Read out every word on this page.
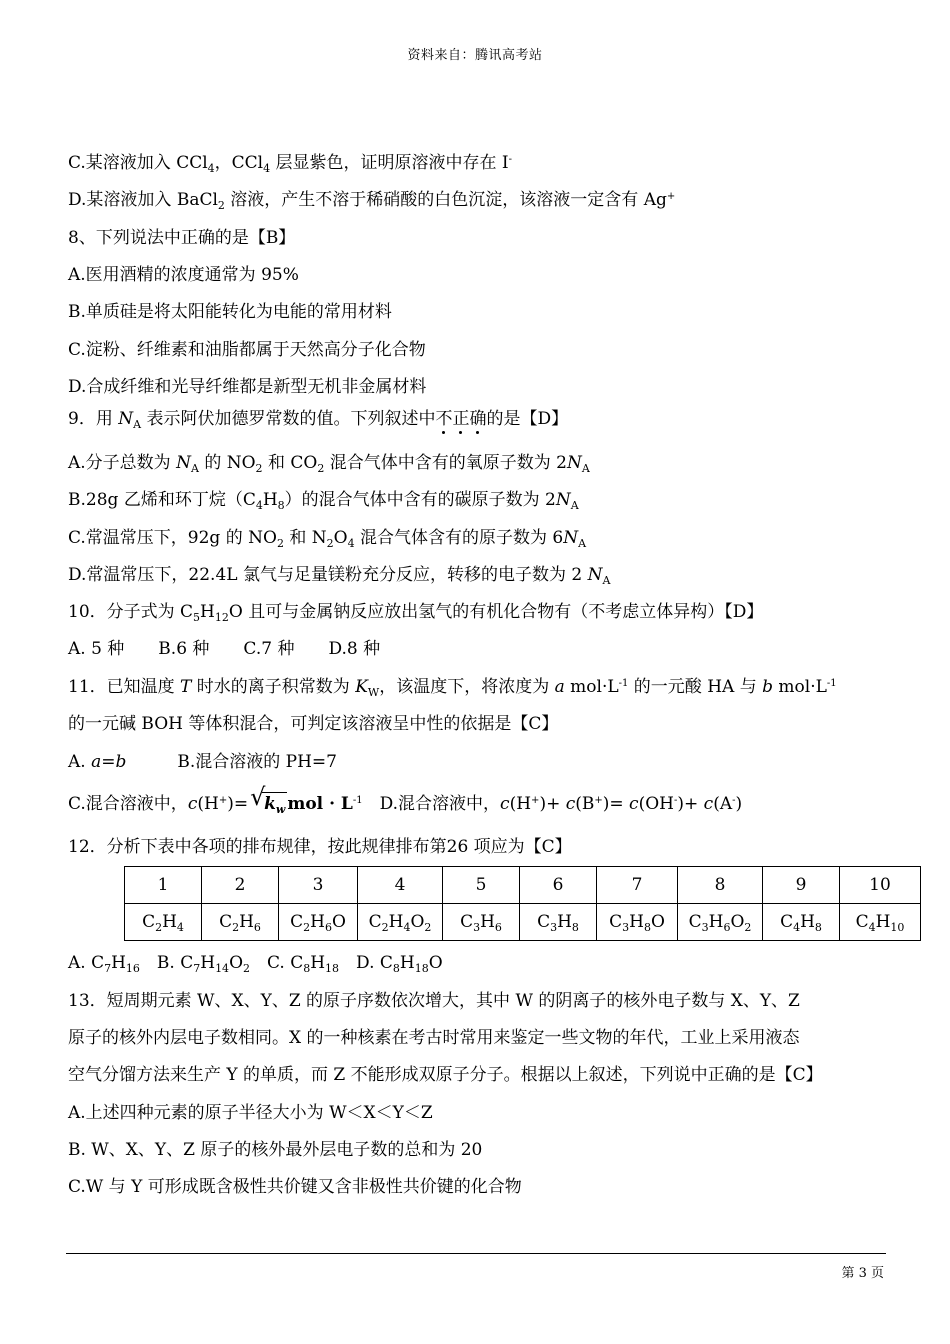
资料来自：腾讯高考站
C.某溶液加入 CCl$_4$，CCl$_4$ 层显紫色，证明原溶液中存在 I-
D.某溶液加入 BaCl$_2$ 溶液，产生不溶于稀硝酸的白色沉淀，该溶液一定含有 Ag+
8、下列说法中正确的是【B】
A.医用酒精的浓度通常为 95%
B.单质硅是将太阳能转化为电能的常用材料
C.淀粉、纤维素和油脂都属于天然高分子化合物
D.合成纤维和光导纤维都是新型无机非金属材料
9．用 $N_A$ 表示阿伏加德罗常数的值。下列叙述中不正确的是【D】
A.分子总数为 $N_A$ 的 $NO_2$ 和 $CO_2$ 混合气体中含有的氧原子数为 $2N_A$
B.28g 乙烯和环丁烷$(C_4H_8)$的混合气体中含有的碳原子数为 $2N_A$
C.常温常压下，92g 的 $NO_2$ 和 $N_2O_4$ 混合气体含有的原子数为 $6N_A$
D.常温常压下，22.4L 氯气与足量镁粉充分反应，转移的电子数为 2 $N_A$
10．分子式为 $C_5H_{12}O$ 且可与金属钠反应放出氢气的有机化合物有（不考虑立体异构）【D】
A. 5 种　　B.6 种　　C.7 种　　D.8 种
11．已知温度 T 时水的离子积常数为 $K_W$，该温度下，将浓度为 a $mol\cdot L^{-1}$ 的一元酸 HA 与 b $mol\cdot L^{-1}$
的一元碱 BOH 等体积混合，可判定该溶液呈中性的依据是【C】
A. a=b　　　B.混合溶液的 PH=7
C.混合溶液中，c(H+)= √
$k_w$ mol · $L^{-1}$　D.混合溶液中，c(H+)+ c(B+)= c(OH-)+ c(A-)
12．分析下表中各项的排布规律，按此规律排布第26 项应为【C】
1	2	3	4	5	6	7	8	9	10
$C_2H_4$	$C_2H_6$	$C_2H_6O$	$C_2H_4O_2$	$C_3H_6$	$C_3H_8$	$C_3H_8O$	$C_3H_6O_2$	$C_4H_8$	$C_4H_{10}$
A. $C_7H_{16}$　B. $C_7H_{14}O_2$　C. $C_8H_{18}$　D. $C_8H_{18}O$
13．短周期元素 W、X、Y、Z 的原子序数依次增大，其中 W 的阴离子的核外电子数与 X、Y、Z
原子的核外内层电子数相同。X 的一种核素在考古时常用来鉴定一些文物的年代，工业上采用液态
空气分馏方法来生产 Y 的单质，而 Z 不能形成双原子分子。根据以上叙述，下列说中正确的是【C】
A.上述四种元素的原子半径大小为 W＜X＜Y＜Z
B. W、X、Y、Z 原子的核外最外层电子数的总和为 20
C.W 与 Y 可形成既含极性共价键又含非极性共价键的化合物
第 3 页
